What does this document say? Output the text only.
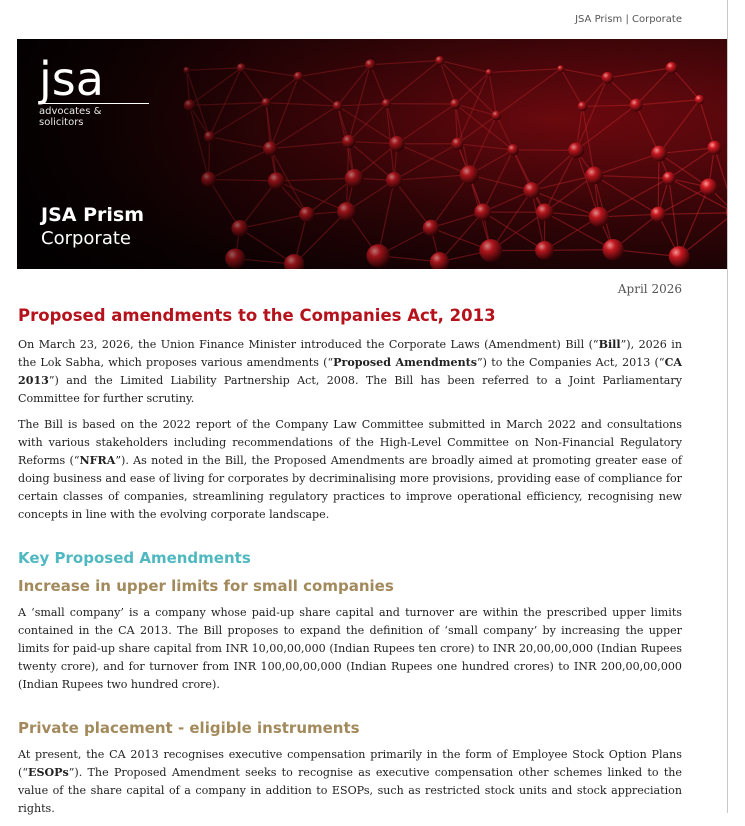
JSA Prism | Corporate
jsa
advocates & solicitors
JSA Prism
Corporate
April 2026
Proposed amendments to the Companies Act, 2013

On March 23, 2026, the Union Finance Minister introduced the Corporate Laws (Amendment) Bill (“Bill”), 2026 in the Lok Sabha, which proposes various amendments (“Proposed Amendments”) to the Companies Act, 2013 (“CA 2013”) and the Limited Liability Partnership Act, 2008. The Bill has been referred to a Joint Parliamentary Committee for further scrutiny.

The Bill is based on the 2022 report of the Company Law Committee submitted in March 2022 and consultations with various stakeholders including recommendations of the High-Level Committee on Non-Financial Regulatory Reforms (“NFRA”). As noted in the Bill, the Proposed Amendments are broadly aimed at promoting greater ease of doing business and ease of living for corporates by decriminalising more provisions, providing ease of compliance for certain classes of companies, streamlining regulatory practices to improve operational efficiency, recognising new concepts in line with the evolving corporate landscape.

Key Proposed Amendments
Increase in upper limits for small companies

A ‘small company’ is a company whose paid-up share capital and turnover are within the prescribed upper limits contained in the CA 2013. The Bill proposes to expand the definition of ‘small company’ by increasing the upper limits for paid-up share capital from INR 10,00,00,000 (Indian Rupees ten crore) to INR 20,00,00,000 (Indian Rupees twenty crore), and for turnover from INR 100,00,00,000 (Indian Rupees one hundred crores) to INR 200,00,00,000 (Indian Rupees two hundred crore).

Private placement - eligible instruments

At present, the CA 2013 recognises executive compensation primarily in the form of Employee Stock Option Plans (“ESOPs”). The Proposed Amendment seeks to recognise as executive compensation other schemes linked to the value of the share capital of a company in addition to ESOPs, such as restricted stock units and stock appreciation rights.
